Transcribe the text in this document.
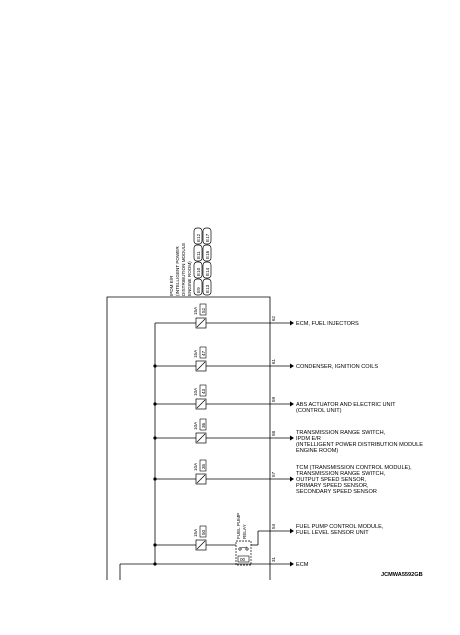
IPDM E/R (INTELLIGENT POWER DISTRIBUTION MODULE ENGINE ROOM) E9
E10
E11
E12
E13
E14
E16
E17
15A 52
62
ECM, FUEL INJECTORS
15A 47
61
CONDENSER, IGNITION COILS
10A 43
59
ABS ACTUATOR AND ELECTRIC UNIT
(CONTROL UNIT)
10A 36
58	TRANSMISSION RANGE SWITCH,
IPDM E/R
(INTELLIGENT POWER DISTRIBUTION MODULE
ENGINE ROOM)
10A 35
57
TCM (TRANSMISSION CONTROL MODULE),
TRANSMISSION RANGE SWITCH,
OUTPUT SPEED SENSOR,
PRIMARY SPEED SENSOR,
SECONDARY SPEED SENSOR
15A 50
54	FUEL PUMP CONTROL MODULE,
FUEL LEVEL SENSOR UNIT
00
FUEL PUMP RELAY
31
ECM
JCMWA5592GB
